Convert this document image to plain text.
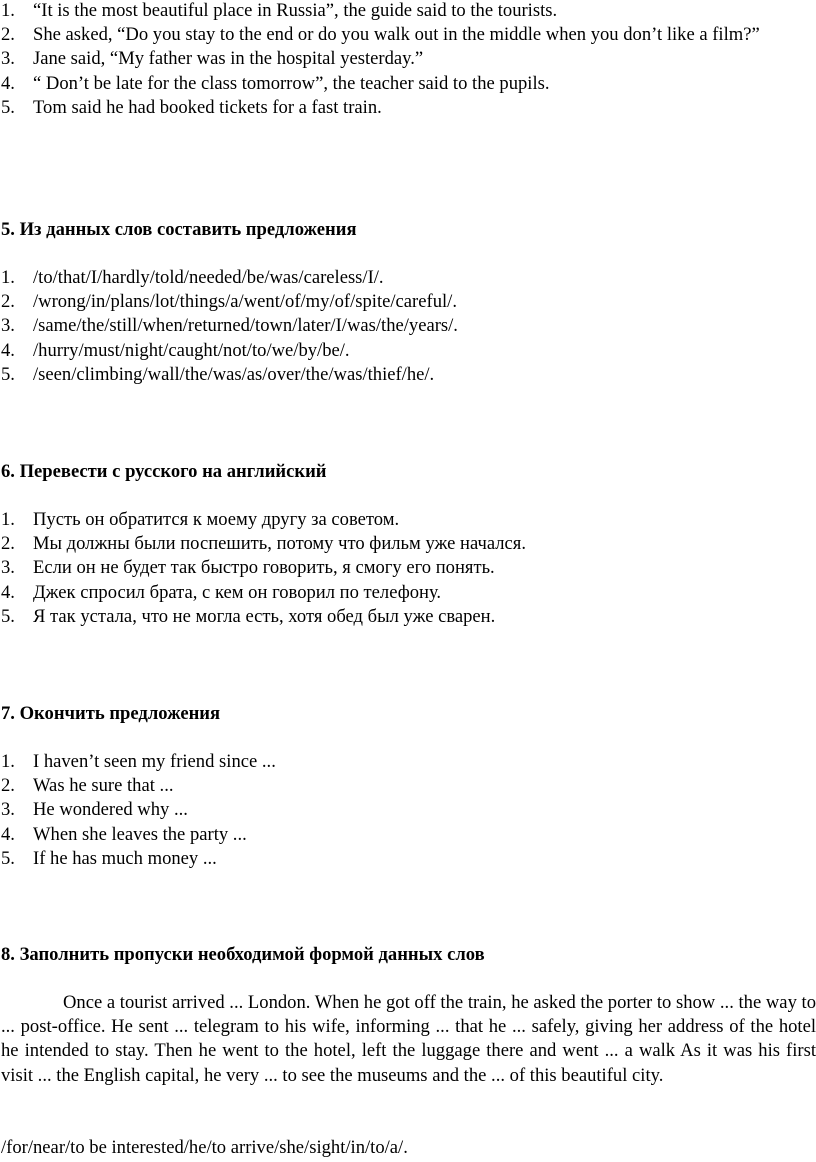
1. “It is the most beautiful place in Russia”, the guide said to the tourists.
2. She asked, “Do you stay to the end or do you walk out in the middle when you don’t like a film?”
3. Jane said, “My father was in the hospital yesterday.”
4. “ Don’t be late for the class tomorrow”, the teacher said to the pupils.
5. Tom said he had booked tickets for a fast train.

5. Из данных слов составить предложения

1. /to/that/I/hardly/told/needed/be/was/careless/I/.
2. /wrong/in/plans/lot/things/a/went/of/my/of/spite/careful/.
3. /same/the/still/when/returned/town/later/I/was/the/years/.
4. /hurry/must/night/caught/not/to/we/by/be/.
5. /seen/climbing/wall/the/was/as/over/the/was/thief/he/.

6. Перевести с русского на английский

1. Пусть он обратится к моему другу за советом.
2. Мы должны были поспешить, потому что фильм уже начался.
3. Если он не будет так быстро говорить, я смогу его понять.
4. Джек спросил брата, с кем он говорил по телефону.
5. Я так устала, что не могла есть, хотя обед был уже сварен.

7. Окончить предложения

1. I haven’t seen my friend since ...
2. Was he sure that ...
3. He wondered why ...
4. When she leaves the party ...
5. If he has much money ...

8. Заполнить пропуски необходимой формой данных слов

Once a tourist arrived ... London. When he got off the train, he asked the porter to show ... the way to ... post-office. He sent ... telegram to his wife, informing ... that he ... safely, giving her address of the hotel he intended to stay. Then he went to the hotel, left the luggage there and went ... a walk As it was his first visit ... the English capital, he very ... to see the museums and the ... of this beautiful city.

/for/near/to be interested/he/to arrive/she/sight/in/to/a/.
